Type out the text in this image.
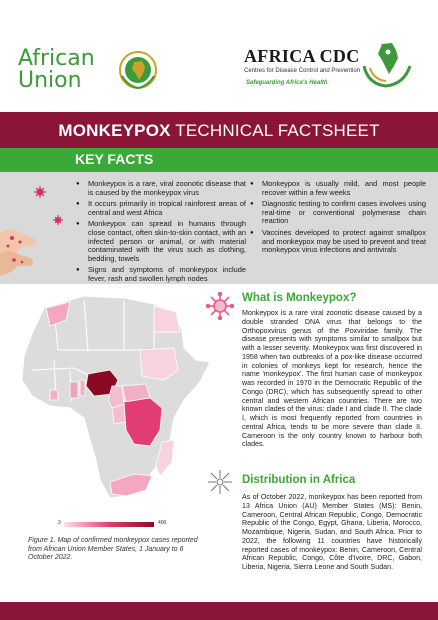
African
Union
AFRICA CDC
Centres for Disease Control and Prevention
Safeguarding Africa's Health
MONKEYPOX TECHNICAL FACTSHEET
KEY FACTS
● Monkeypox is a rare, viral zoonotic disease that is caused by the monkeypox virus
● It occurs primarily in tropical rainforest areas of central and west Africa
● Monkeypox can spread in humans through close contact, often skin-to-skin contact, with an infected person or animal, or with material contaminated with the virus such as clothing, bedding, towels
● Signs and symptoms of monkeypox include fever, rash and swollen lymph nodes
● Monkeypox is usually mild, and most people recover within a few weeks
● Diagnostic testing to confirm cases involves using real-time or conventional polymerase chain reaction
● Vaccines developed to protect against smallpox and monkeypox may be used to prevent and treat monkeypox virus infections and antivirals
3	400
Figure 1. Map of confirmed monkeypox cases reported from African Union Member States, 1 January to 6 October 2022.
What is Monkeypox?
Monkeypox is a rare viral zoonotic disease caused by a double stranded DNA virus that belongs to the Orthopoxvirus genus of the Poxviridae family. The disease presents with symptoms similar to smallpox but with a lesser severity. Monkeypox was first discovered in 1958 when two outbreaks of a pox-like disease occurred in colonies of monkeys kept for research, hence the name 'monkeypox'. The first human case of monkeypox was recorded in 1970 in the Democratic Republic of the Congo (DRC), which has subsequently spread to other central and western African countries. There are two known clades of the virus: clade I and clade II. The clade I, which is most frequently reported from countries in central Africa, tends to be more severe than clade II. Cameroon is the only country known to harbour both clades.
Distribution in Africa
As of October 2022, monkeypox has been reported from 13 Africa Union (AU) Member States (MS): Benin, Cameroon, Central African Republic, Congo, Democratic Republic of the Congo, Egypt, Ghana, Liberia, Morocco, Mozambique, Nigeria, Sudan, and South Africa. Prior to 2022, the following 11 countries have historically reported cases of monkeypox: Benin, Cameroon, Central African Republic, Congo, Côte d'Ivoire, DRC, Gabon, Liberia, Nigeria, Sierra Leone and South Sudan.
